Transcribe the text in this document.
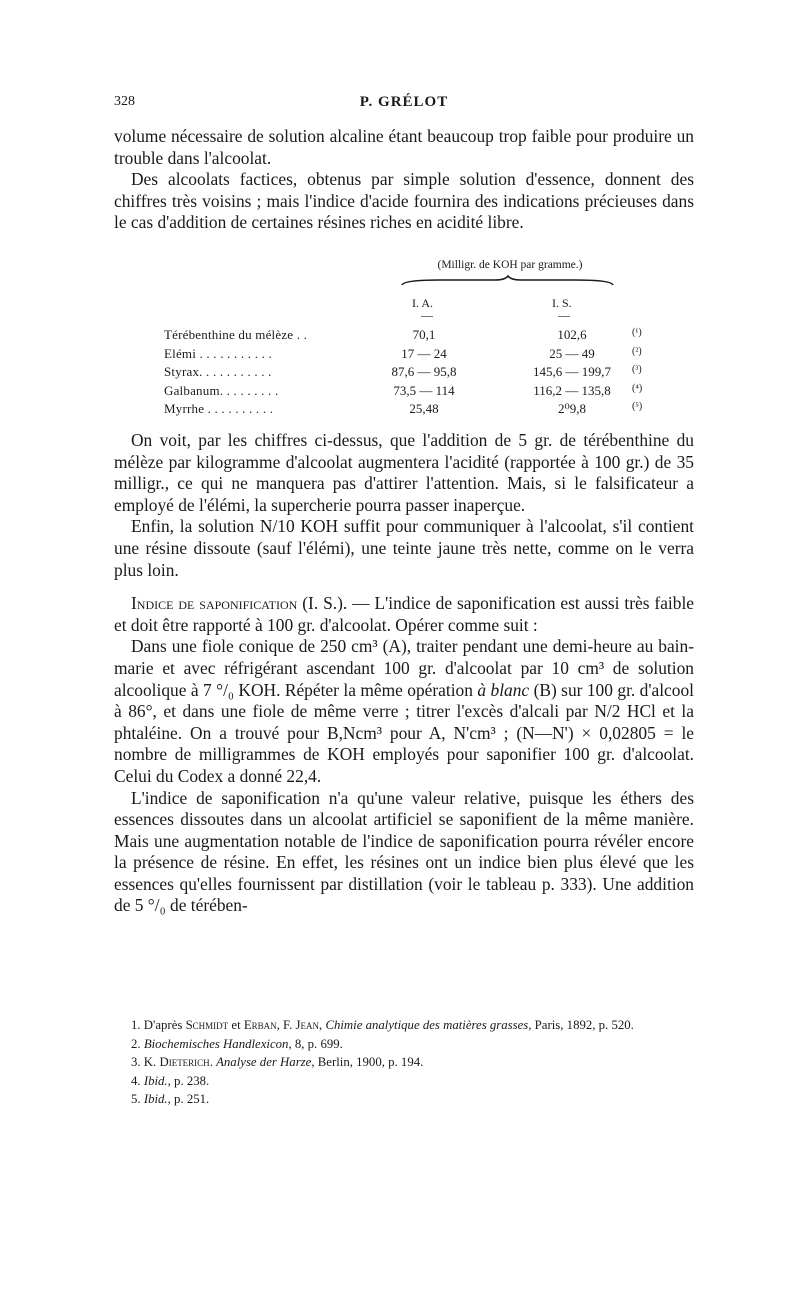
328	P. GRÉLOT

volume nécessaire de solution alcaline étant beaucoup trop faible pour produire un trouble dans l'alcoolat.

Des alcoolats factices, obtenus par simple solution d'essence, donnent des chiffres très voisins ; mais l'indice d'acide fournira des indications précieuses dans le cas d'addition de certaines résines riches en acidité libre.

(Milligr. de KOH par gramme.)
I. A.	I. S.
—	—
Térébenthine du mélèze . .	70,1	102,6	(¹)
Elémi . . . . . . . . . . .	17 — 24	25 — 49	(²)
Styrax. . . . . . . . . . .	87,6 — 95,8	145,6 — 199,7	(³)
Galbanum. . . . . . . . .	73,5 — 114	116,2 — 135,8	(⁴)
Myrrhe . . . . . . . . . .	25,48	2⁰9,8	(⁵)

On voit, par les chiffres ci-dessus, que l'addition de 5 gr. de térébenthine du mélèze par kilogramme d'alcoolat augmentera l'acidité (rapportée à 100 gr.) de 35 milligr., ce qui ne manquera pas d'attirer l'attention. Mais, si le falsificateur a employé de l'élémi, la supercherie pourra passer inaperçue.

Enfin, la solution N/10 KOH suffit pour communiquer à l'alcoolat, s'il contient une résine dissoute (sauf l'élémi), une teinte jaune très nette, comme on le verra plus loin.

Indice de saponification (I. S.). — L'indice de saponification est aussi très faible et doit être rapporté à 100 gr. d'alcoolat. Opérer comme suit :

Dans une fiole conique de 250 cm³ (A), traiter pendant une demi-heure au bain-marie et avec réfrigérant ascendant 100 gr. d'alcoolat par 10 cm³ de solution alcoolique à 7 °/₀ KOH. Répéter la même opération à blanc (B) sur 100 gr. d'alcool à 86°, et dans une fiole de même verre ; titrer l'excès d'alcali par N/2 HCl et la phtaléine. On a trouvé pour B,Ncm³ pour A, N'cm³ ; (N—N') × 0,02805 = le nombre de milligrammes de KOH employés pour saponifier 100 gr. d'alcoolat. Celui du Codex a donné 22,4.

L'indice de saponification n'a qu'une valeur relative, puisque les éthers des essences dissoutes dans un alcoolat artificiel se saponifient de la même manière. Mais une augmentation notable de l'indice de saponification pourra révéler encore la présence de résine. En effet, les résines ont un indice bien plus élevé que les essences qu'elles fournissent par distillation (voir le tableau p. 333). Une addition de 5 °/₀ de térében-

1. D'après Schmidt et Erban, F. Jean, Chimie analytique des matières grasses, Paris, 1892, p. 520.

2. Biochemisches Handlexicon, 8, p. 699.

3. K. Dieterich. Analyse der Harze, Berlin, 1900, p. 194.

4. Ibid., p. 238.

5. Ibid., p. 251.
